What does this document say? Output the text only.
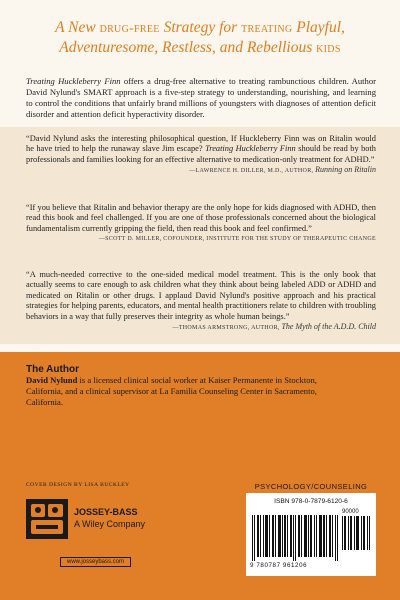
A New drug-free Strategy for treating Playful,
Adventuresome, Restless, and Rebellious kids
Treating Huckleberry Finn offers a drug-free alternative to treating rambunctious children. Author David Nylund's SMART approach is a five-step strategy to understanding, nourishing, and learning to control the conditions that unfairly brand millions of youngsters with diagnoses of attention deficit disorder and attention deficit hyperactivity disorder.
“David Nylund asks the interesting philosophical question, If Huckleberry Finn was on Ritalin would he have tried to help the runaway slave Jim escape? Treating Huckleberry Finn should be read by both professionals and families looking for an effective alternative to medication-only treatment for ADHD.”
—LAWRENCE H. DILLER, M.D., AUTHOR, Running on Ritalin
“If you believe that Ritalin and behavior therapy are the only hope for kids diagnosed with ADHD, then read this book and feel challenged. If you are one of those professionals concerned about the biological fundamentalism currently gripping the field, then read this book and feel confirmed.”
—SCOTT D. MILLER, COFOUNDER, INSTITUTE FOR THE STUDY OF THERAPEUTIC CHANGE
“A much-needed corrective to the one-sided medical model treatment. This is the only book that actually seems to care enough to ask children what they think about being labeled ADD or ADHD and medicated on Ritalin or other drugs. I applaud David Nylund's positive approach and his practical strategies for helping parents, educators, and mental health practitioners relate to children with troubling behaviors in a way that fully preserves their integrity as whole human beings.”
—THOMAS ARMSTRONG, AUTHOR, The Myth of the A.D.D. Child
The Author
David Nylund is a licensed clinical social worker at Kaiser Permanente in Stockton, California, and a clinical supervisor at La Familia Counseling Center in Sacramento, California.
COVER DESIGN BY LISA BUCKLEY
JOSSEY-BASS
A Wiley Company
www.josseybass.com
PSYCHOLOGY/COUNSELING
ISBN 978-0-7879-6120-6
90000
9 780787 961206
